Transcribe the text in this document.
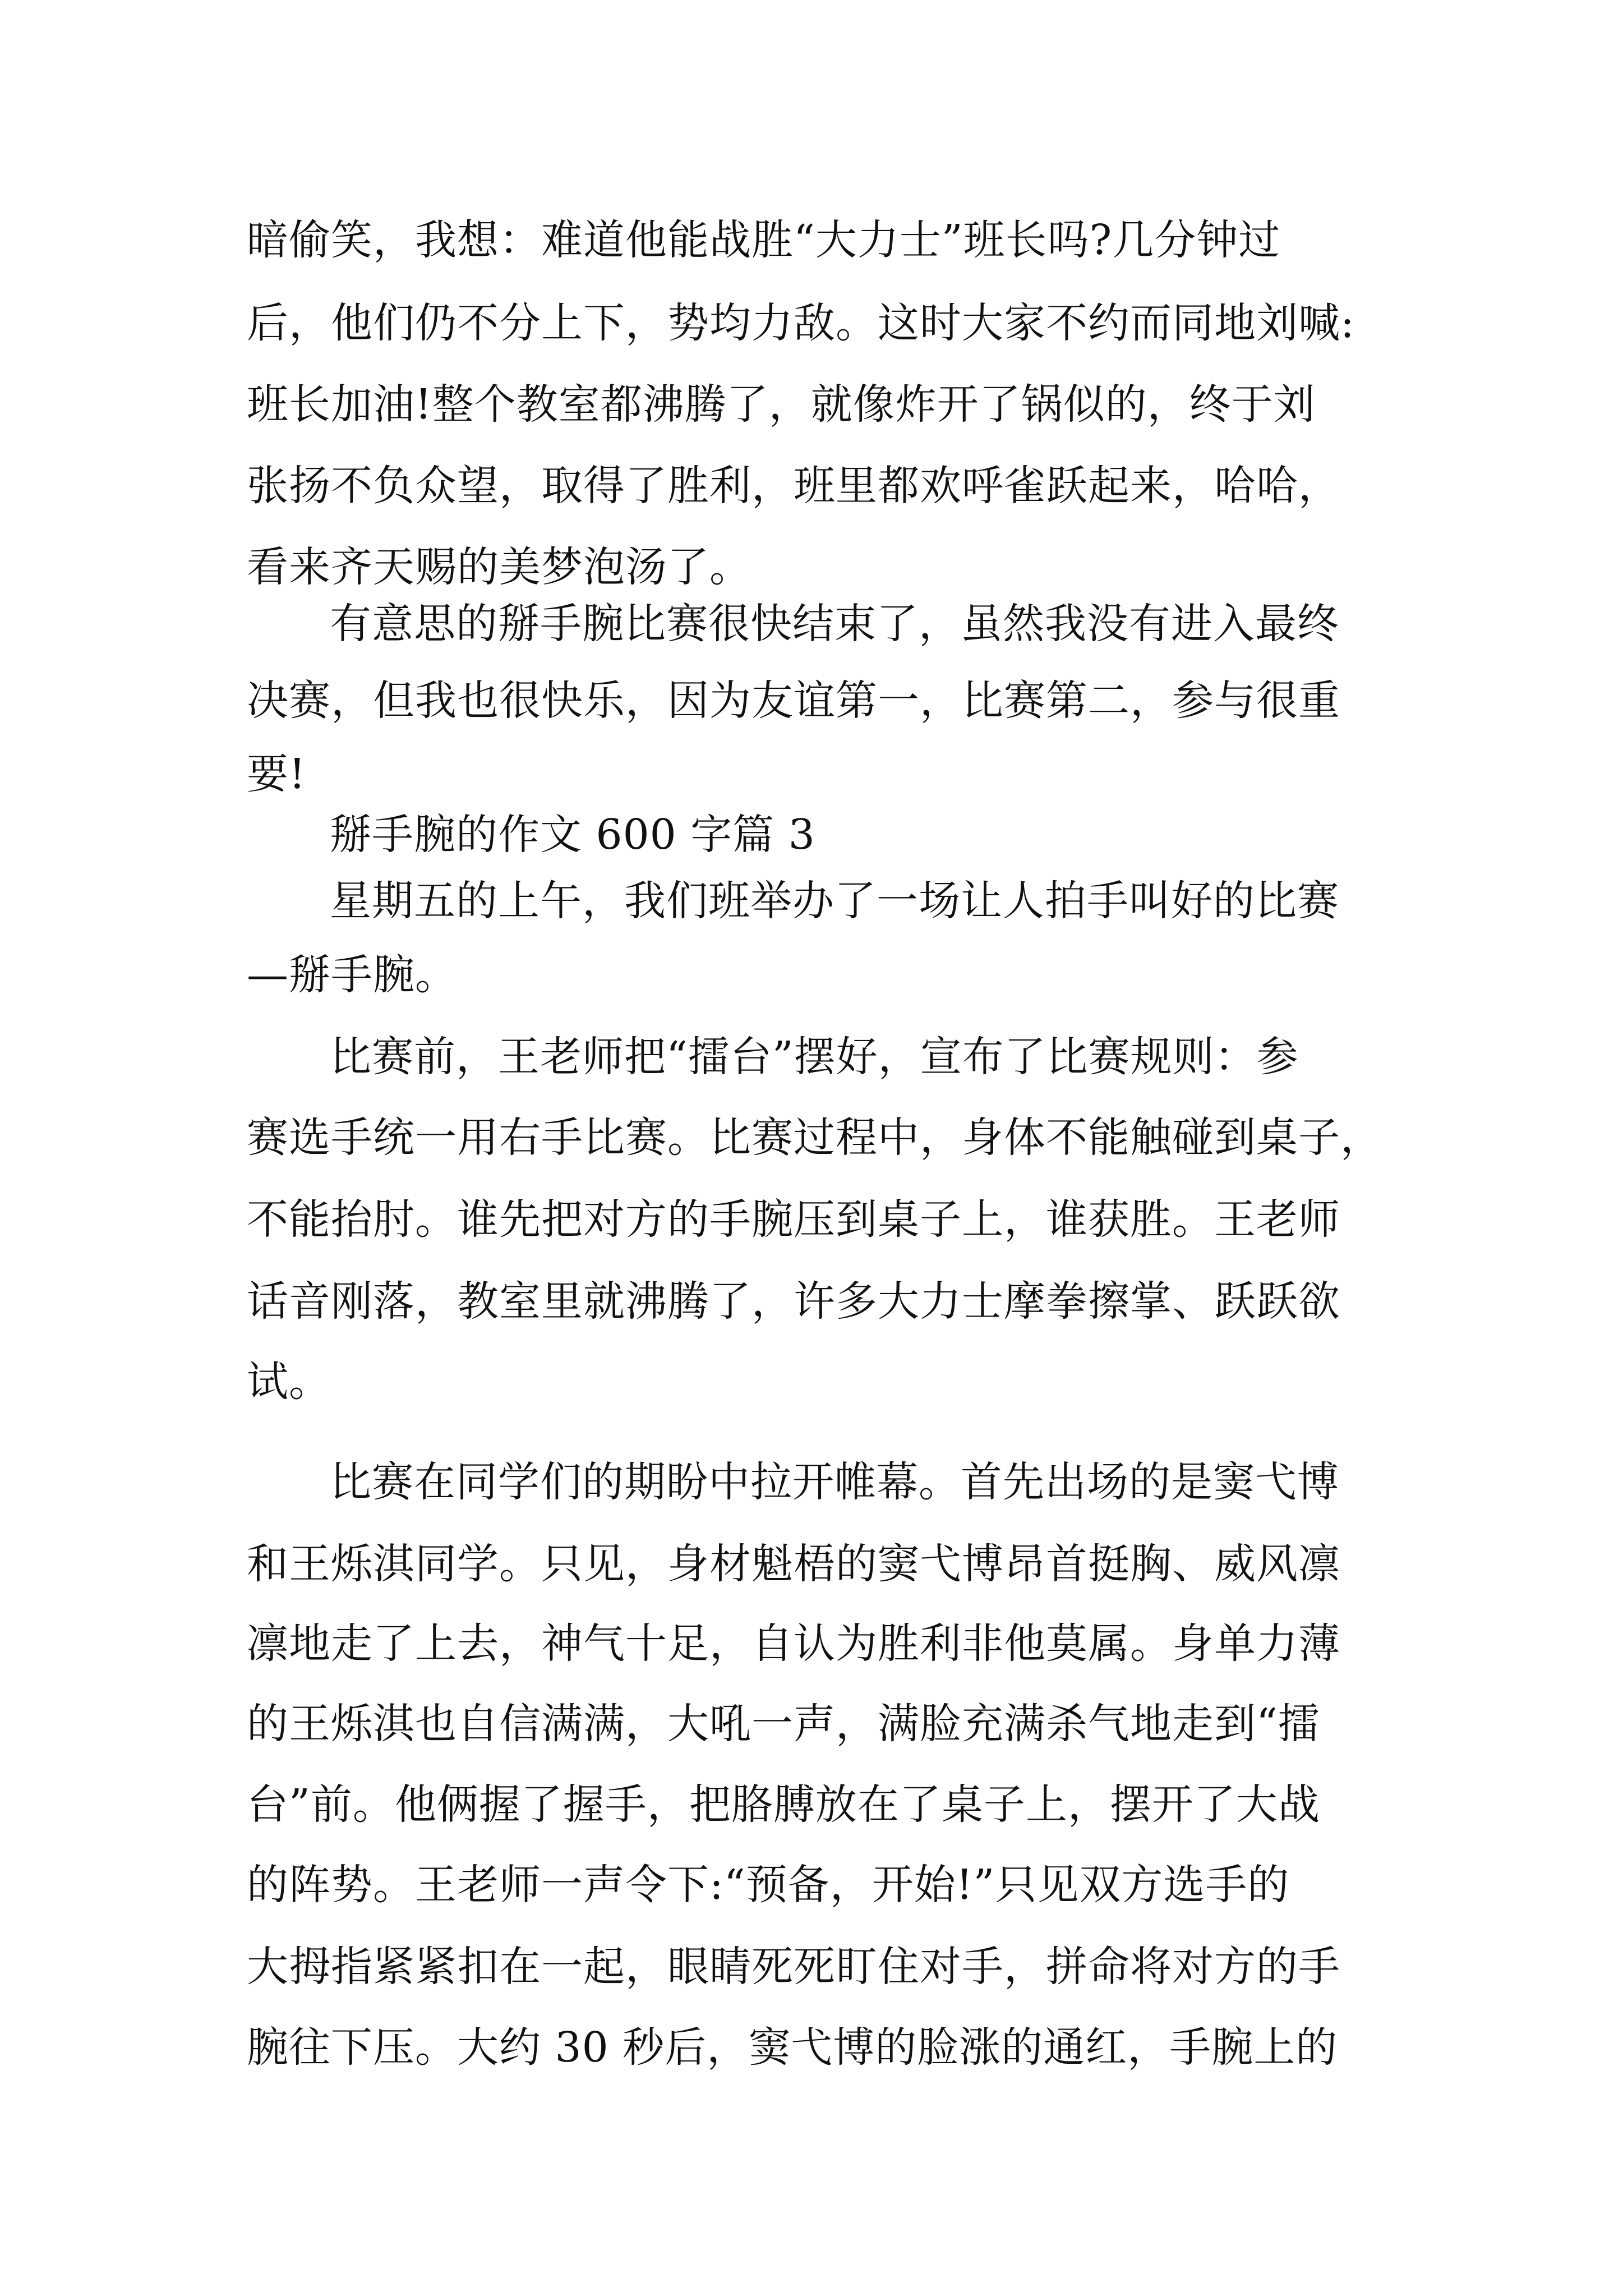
暗偷笑，我想：难道他能战胜“大力士”班长吗?几分钟过
后，他们仍不分上下，势均力敌。这时大家不约而同地刘喊:
班长加油!整个教室都沸腾了，就像炸开了锅似的，终于刘
张扬不负众望，取得了胜利，班里都欢呼雀跃起来，哈哈，
看来齐天赐的美梦泡汤了。
有意思的掰手腕比赛很快结束了，虽然我没有进入最终
决赛，但我也很快乐，因为友谊第一，比赛第二，参与很重
要!
掰手腕的作文 600 字篇 3
星期五的上午，我们班举办了一场让人拍手叫好的比赛
—掰手腕。
比赛前，王老师把“擂台”摆好，宣布了比赛规则：参
赛选手统一用右手比赛。比赛过程中，身体不能触碰到桌子，
不能抬肘。谁先把对方的手腕压到桌子上，谁获胜。王老师
话音刚落，教室里就沸腾了，许多大力士摩拳擦掌、跃跃欲
试。
比赛在同学们的期盼中拉开帷幕。首先出场的是窦弋博
和王烁淇同学。只见，身材魁梧的窦弋博昂首挺胸、威风凛
凛地走了上去，神气十足，自认为胜利非他莫属。身单力薄
的王烁淇也自信满满，大吼一声，满脸充满杀气地走到“擂
台”前。他俩握了握手，把胳膊放在了桌子上，摆开了大战
的阵势。王老师一声令下:“预备，开始!”只见双方选手的
大拇指紧紧扣在一起，眼睛死死盯住对手，拼命将对方的手
腕往下压。大约 30 秒后，窦弋博的脸涨的通红，手腕上的
